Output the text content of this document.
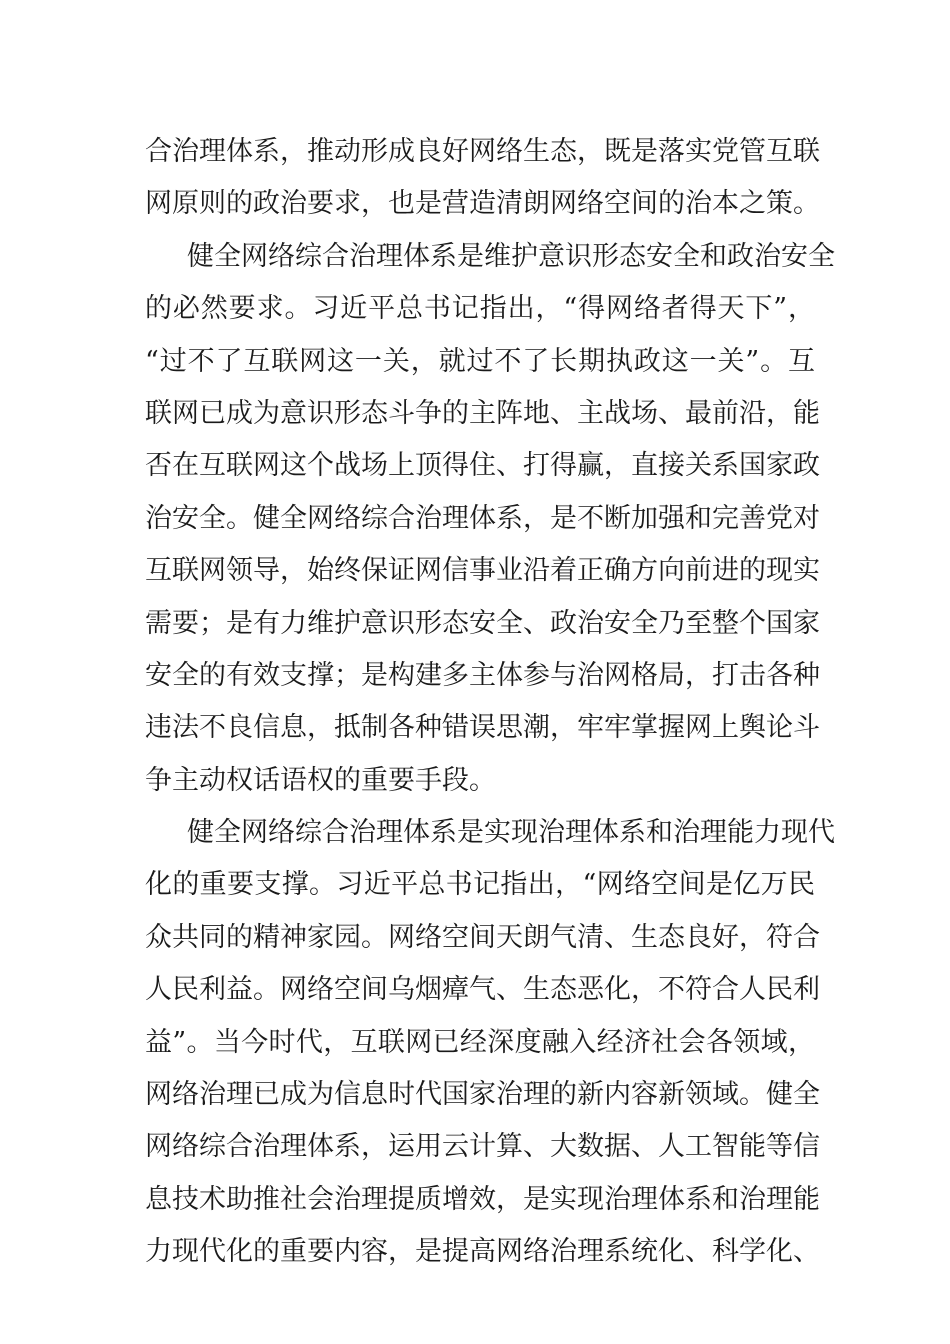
合治理体系，推动形成良好网络生态，既是落实党管互联
网原则的政治要求，也是营造清朗网络空间的治本之策。
健全网络综合治理体系是维护意识形态安全和政治安全
的必然要求。习近平总书记指出，“得网络者得天下”，
“过不了互联网这一关，就过不了长期执政这一关”。互
联网已成为意识形态斗争的主阵地、主战场、最前沿，能
否在互联网这个战场上顶得住、打得赢，直接关系国家政
治安全。健全网络综合治理体系，是不断加强和完善党对
互联网领导，始终保证网信事业沿着正确方向前进的现实
需要；是有力维护意识形态安全、政治安全乃至整个国家
安全的有效支撑；是构建多主体参与治网格局，打击各种
违法不良信息，抵制各种错误思潮，牢牢掌握网上舆论斗
争主动权话语权的重要手段。
健全网络综合治理体系是实现治理体系和治理能力现代
化的重要支撑。习近平总书记指出，“网络空间是亿万民
众共同的精神家园。网络空间天朗气清、生态良好，符合
人民利益。网络空间乌烟瘴气、生态恶化，不符合人民利
益”。当今时代，互联网已经深度融入经济社会各领域，
网络治理已成为信息时代国家治理的新内容新领域。健全
网络综合治理体系，运用云计算、大数据、人工智能等信
息技术助推社会治理提质增效，是实现治理体系和治理能
力现代化的重要内容，是提高网络治理系统化、科学化、
